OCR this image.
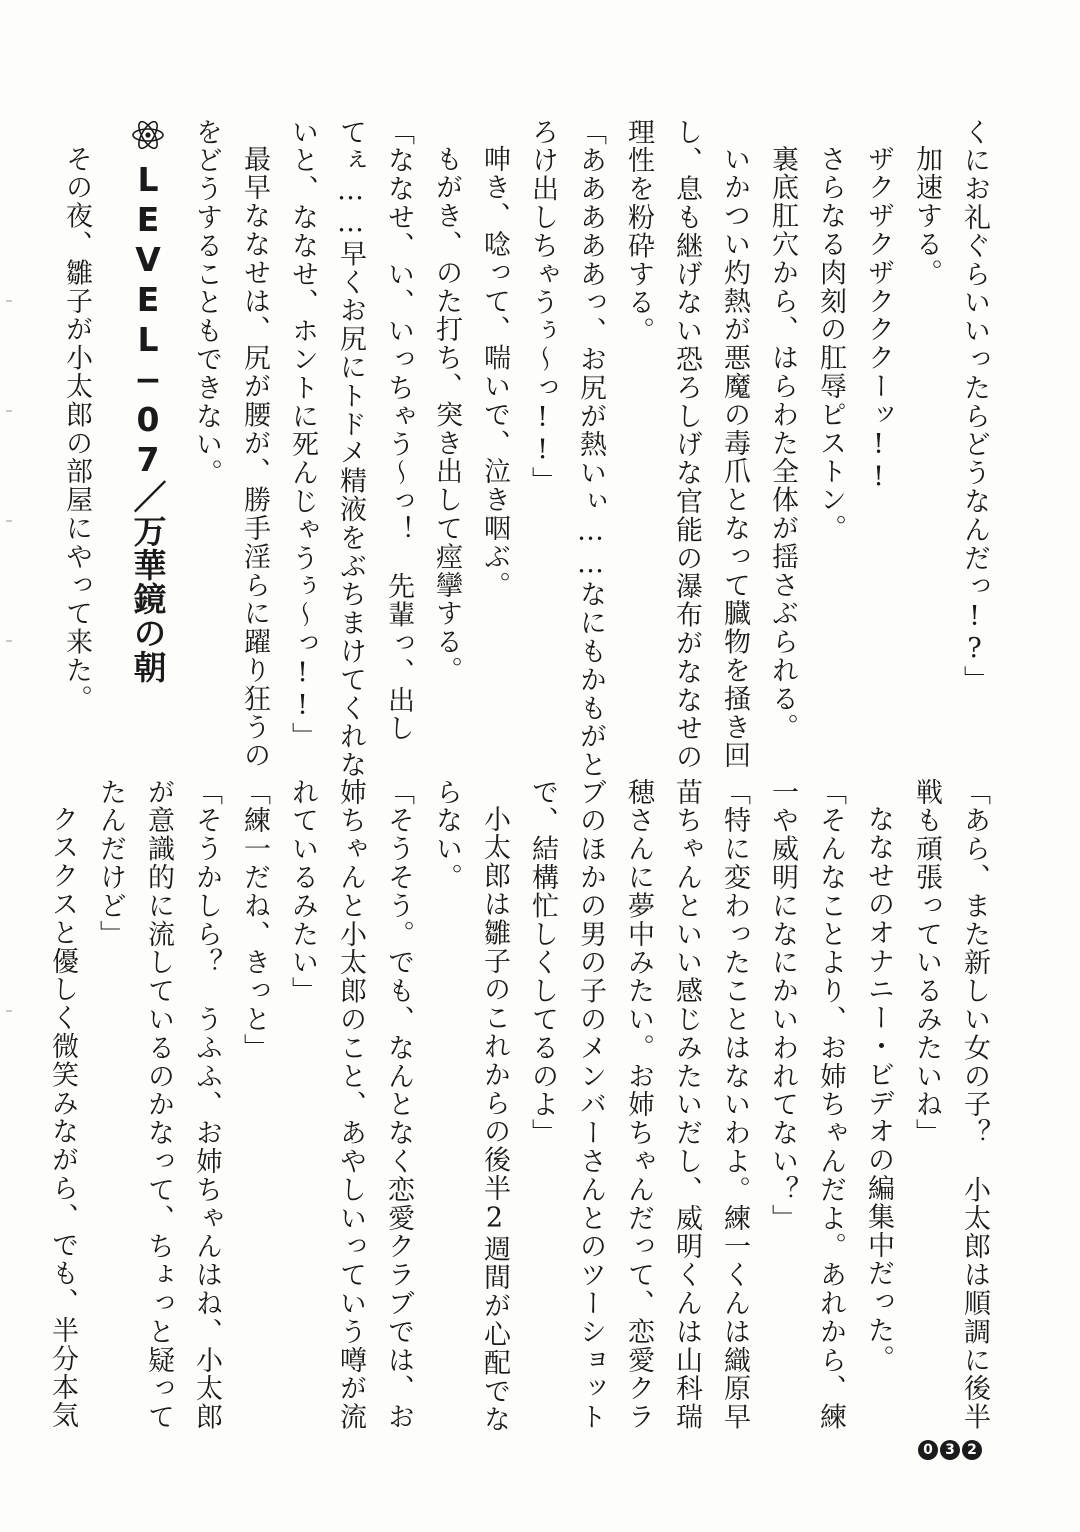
くにお礼ぐらいいったらどうなんだっ!?」
加速する。
ザクザクザクククーッ!!
さらなる肉刻の肛辱ピストン。
裏底肛穴から、はらわた全体が揺さぶられる。
いかつい灼熱が悪魔の毒爪となって臓物を掻き回
し、息も継げない恐ろしげな官能の瀑布がななせの
理性を粉砕する。
「あああああっ、お尻が熱いぃ……なにもかもがと
ろけ出しちゃうぅ〜っ!!」
呻き、唸って、喘いで、泣き咽ぶ。
もがき、のた打ち、突き出して痙攣する。
「ななせ、い、いっちゃう〜っ！　先輩っ、出し
てぇ……早くお尻にトドメ精液をぶちまけてくれな
いと、ななせ、ホントに死んじゃうぅ〜っ!!」
最早ななせは、尻が腰が、勝手淫らに躍り狂うの
をどうすることもできない。
LEVEL−07／万華鏡の朝
その夜、雛子が小太郎の部屋にやって来た。
「あら、また新しい女の子？　小太郎は順調に後半
戦も頑張っているみたいね」
ななせのオナニー・ビデオの編集中だった。
「そんなことより、お姉ちゃんだよ。あれから、練
一や威明になにかいわれてない？」
「特に変わったことはないわよ。練一くんは織原早
苗ちゃんといい感じみたいだし、威明くんは山科瑞
穂さんに夢中みたい。お姉ちゃんだって、恋愛クラ
ブのほかの男の子のメンバーさんとのツーショット
で、結構忙しくしてるのよ」
小太郎は雛子のこれからの後半2週間が心配でな
らない。
「そうそう。でも、なんとなく恋愛クラブでは、お
姉ちゃんと小太郎のこと、あやしいっていう噂が流
れているみたい」
「練一だね、きっと」
「そうかしら？　うふふ、お姉ちゃんはね、小太郎
が意識的に流しているのかなって、ちょっと疑って
たんだけど」
クスクスと優しく微笑みながら、でも、半分本気
0 3 2
